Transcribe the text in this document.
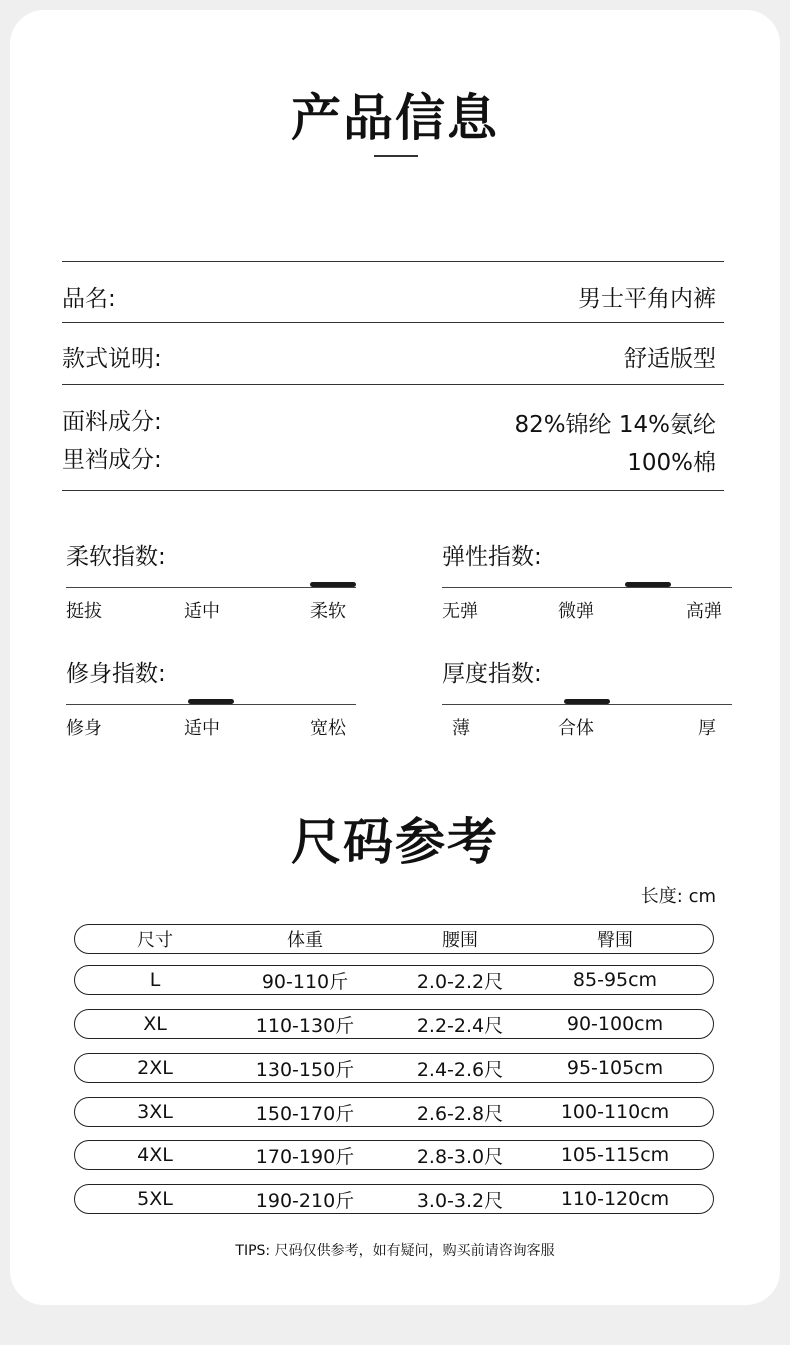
产品信息
品名:	男士平角内裤
款式说明:	舒适版型
面料成分:	82%锦纶 14%氨纶
里裆成分:	100%棉
柔软指数:
挺拔	适中	柔软
弹性指数:
无弹	微弹	高弹
修身指数:
修身	适中	宽松
厚度指数:
薄	合体	厚
尺码参考
长度: cm
尺寸	体重	腰围	臀围
L	90-110斤	2.0-2.2尺	85-95cm
XL	110-130斤	2.2-2.4尺	90-100cm
2XL	130-150斤	2.4-2.6尺	95-105cm
3XL	150-170斤	2.6-2.8尺	100-110cm
4XL	170-190斤	2.8-3.0尺	105-115cm
5XL	190-210斤	3.0-3.2尺	110-120cm
TIPS: 尺码仅供参考，如有疑问，购买前请咨询客服
